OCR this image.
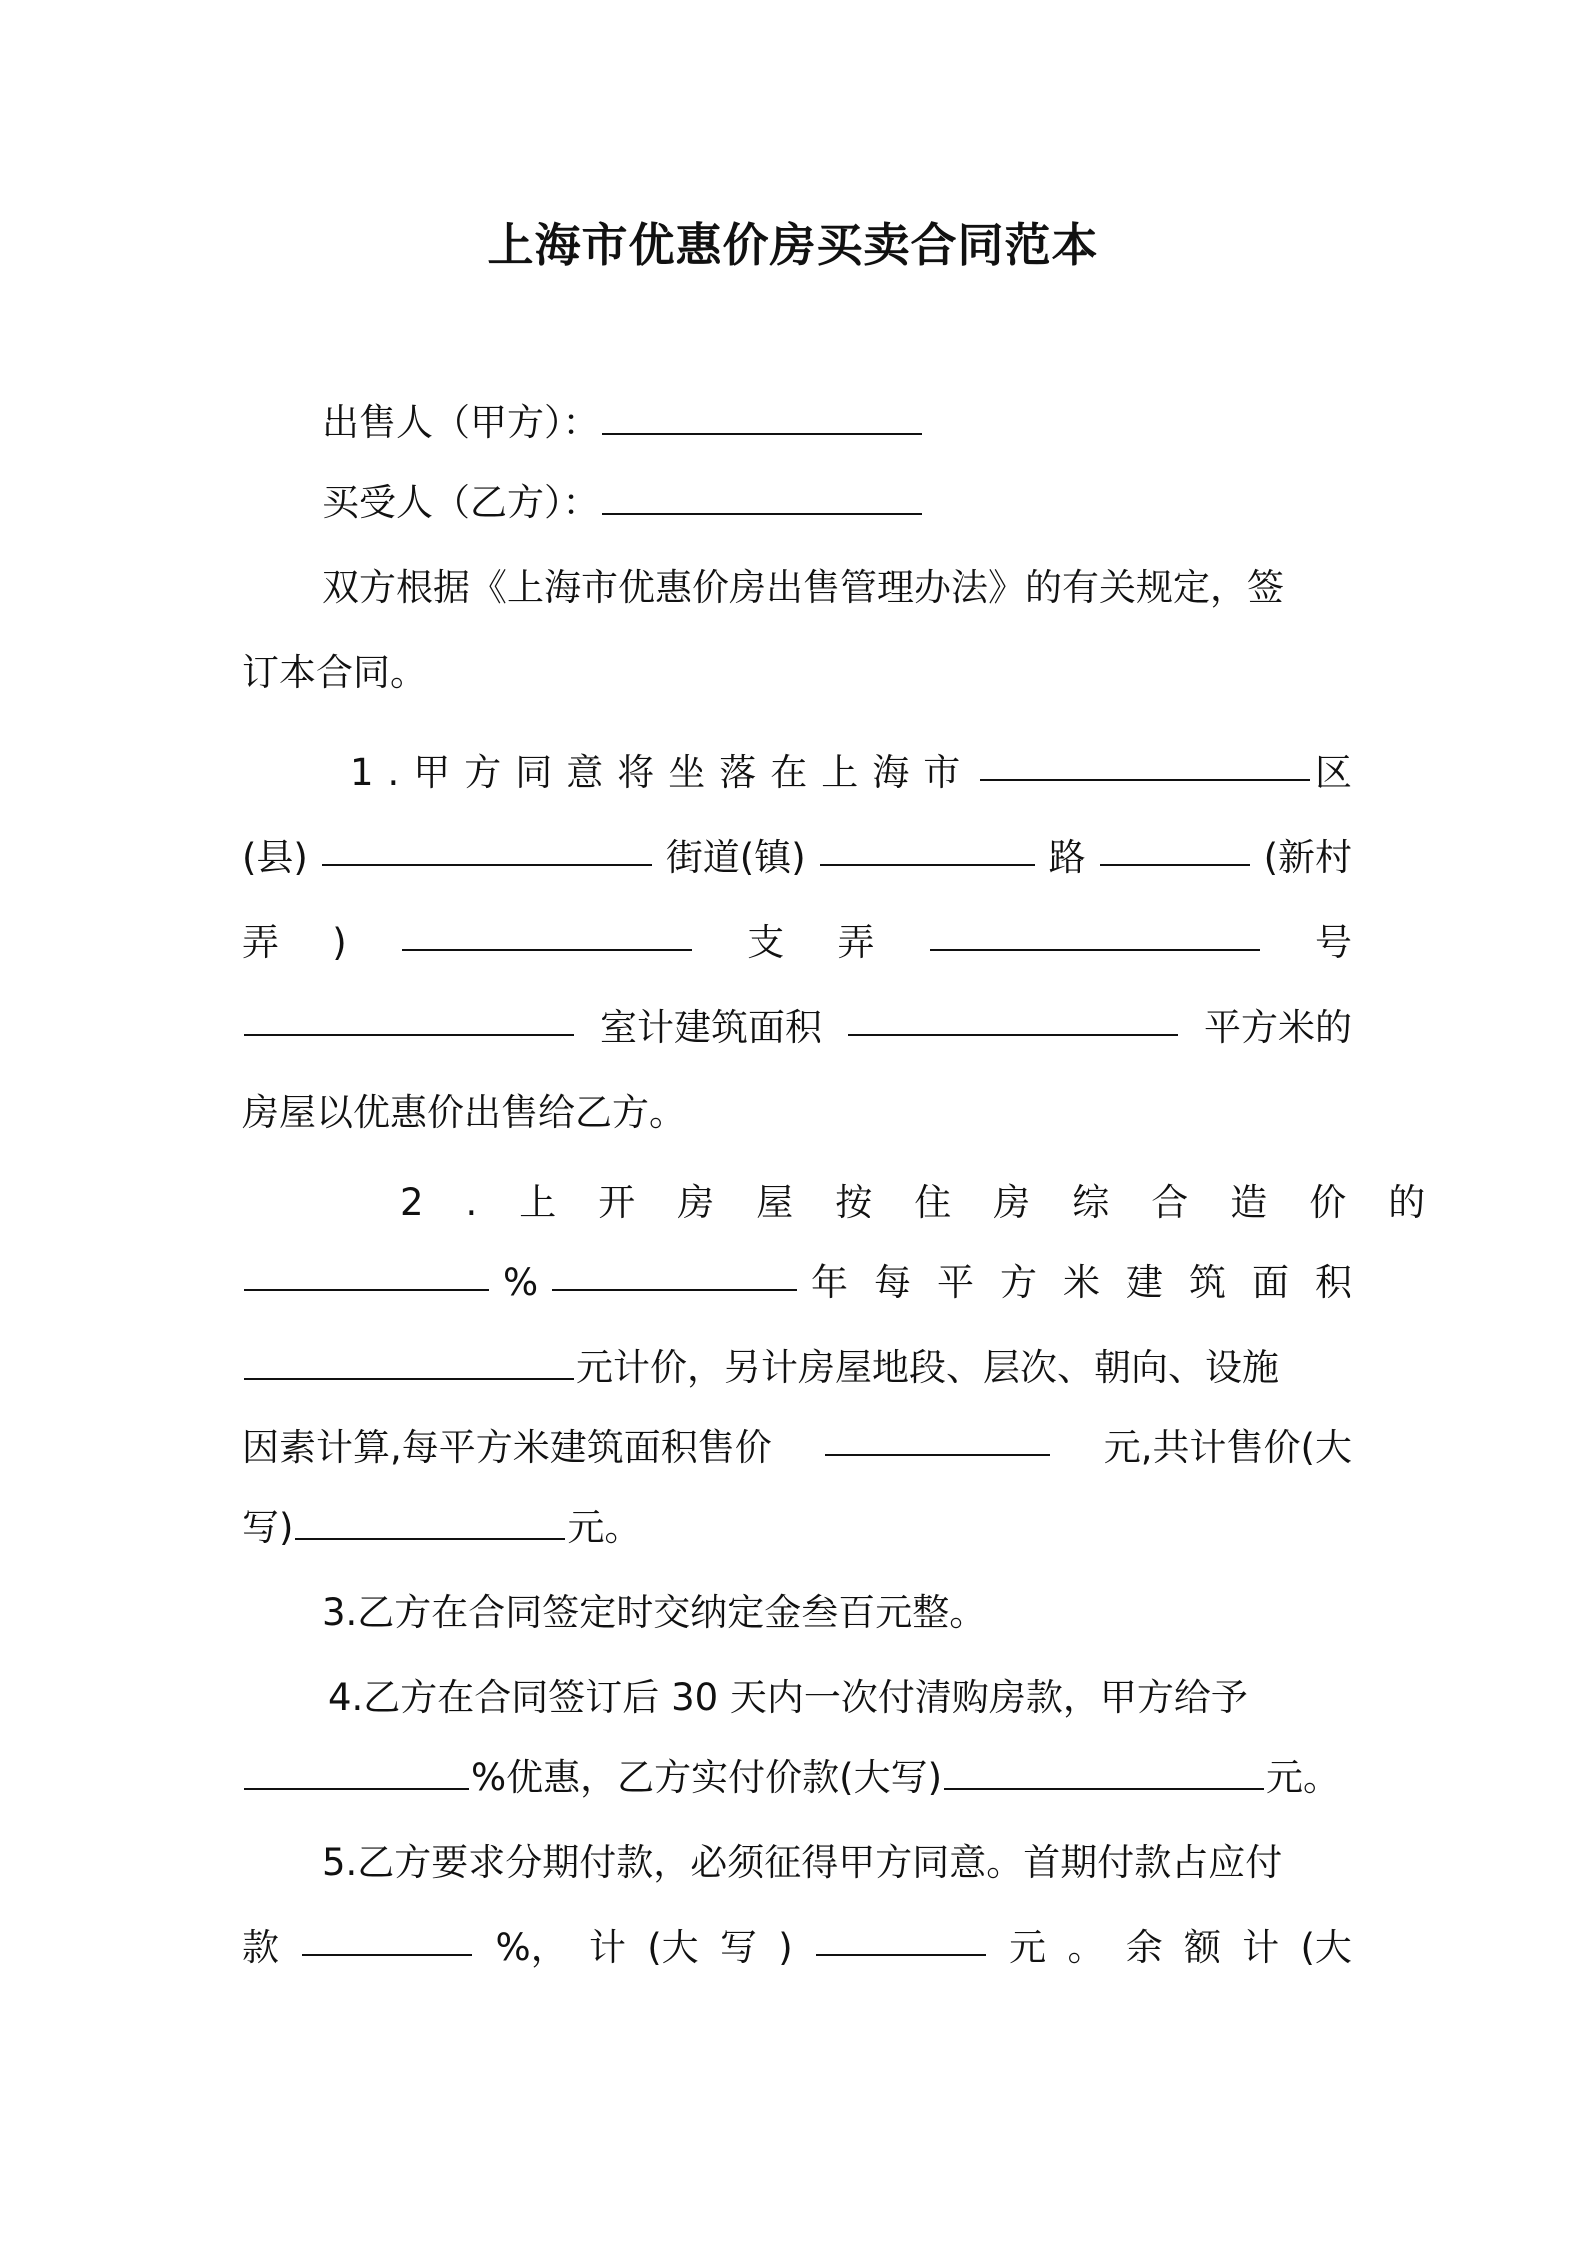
上海市优惠价房买卖合同范本
出售人（甲方）：
买受人（乙方）：
双方根据《上海市优惠价房出售管理办法》的有关规定，签
订本合同。
1.甲方同意将坐落在上海市	区
(县)	街道(镇)	路	(新村
弄 )	支 弄	号
室计建筑面积	平方米的
房屋以优惠价出售给乙方。
2.上开房屋按住房综合造价的
%	年每平方米建筑面积
元计价，另计房屋地段、层次、朝向、设施
因素计算,每平方米建筑面积售价	元,共计售价(大
写)	元。
3.乙方在合同签定时交纳定金叁百元整。
4.乙方在合同签订后 30 天内一次付清购房款，甲方给予
%优惠，乙方实付价款(大写)	元。
5.乙方要求分期付款，必须征得甲方同意。首期付款占应付
款	%， 计 (大 写 )	元 。 余 额 计 (大
